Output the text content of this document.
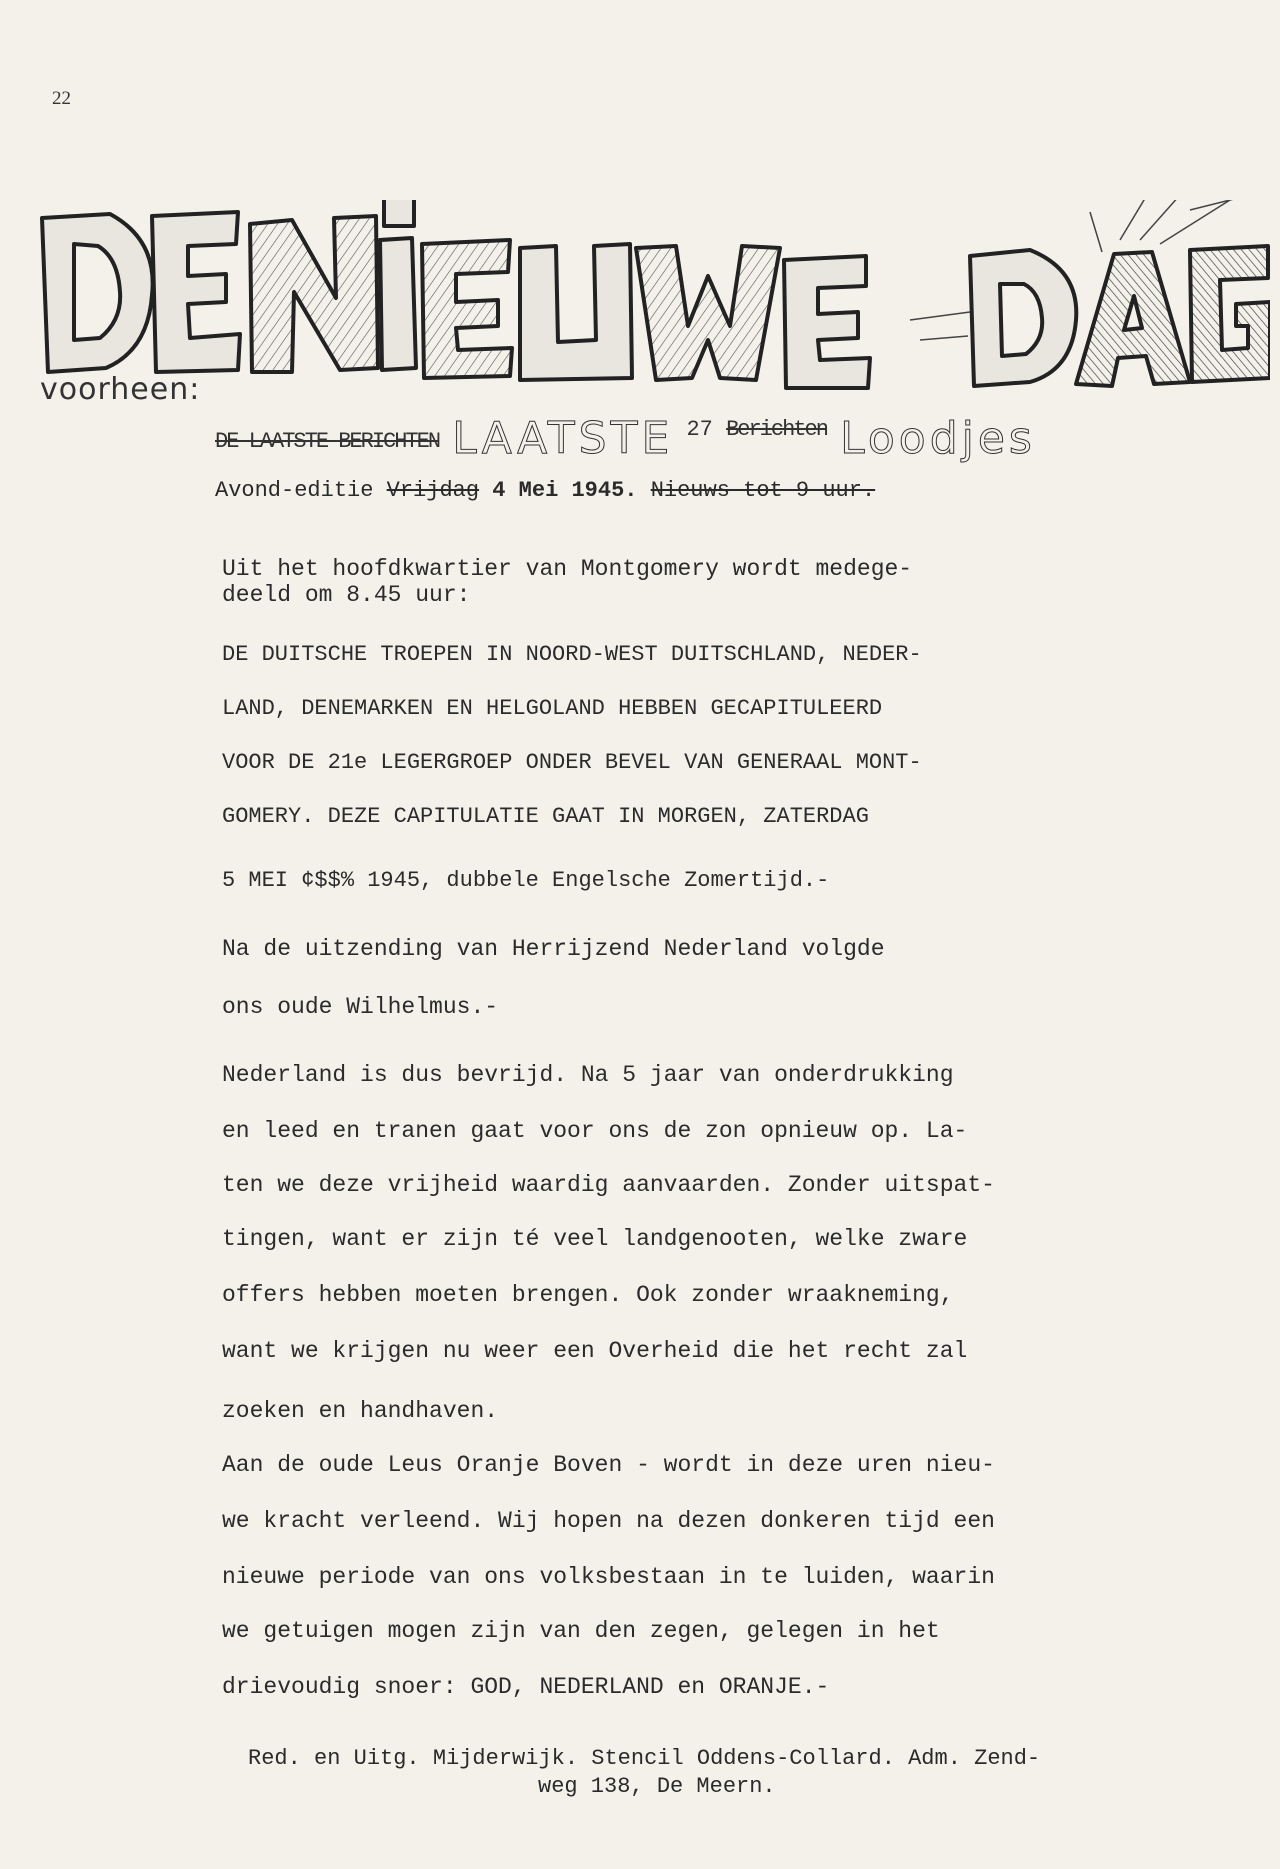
22
voorheen:
DE LAATSTE BERICHTEN LAATSTE 27 Berichten Loodjes
Avond-editie Vrijdag 4 Mei 1945. Nieuws tot 9 uur.
Uit het hoofdkwartier van Montgomery wordt medege-
deeld om 8.45 uur:
DE DUITSCHE TROEPEN IN NOORD-WEST DUITSCHLAND, NEDER-
LAND, DENEMARKEN EN HELGOLAND HEBBEN GECAPITULEERD
VOOR DE 21e LEGERGROEP ONDER BEVEL VAN GENERAAL MONT-
GOMERY. DEZE CAPITULATIE GAAT IN MORGEN, ZATERDAG
5 MEI ¢$$% 1945, dubbele Engelsche Zomertijd.-
Na de uitzending van Herrijzend Nederland volgde
ons oude Wilhelmus.-
Nederland is dus bevrijd. Na 5 jaar van onderdrukking
en leed en tranen gaat voor ons de zon opnieuw op. La-
ten we deze vrijheid waardig aanvaarden. Zonder uitspat-
tingen, want er zijn té veel landgenooten, welke zware
offers hebben moeten brengen. Ook zonder wraakneming,
want we krijgen nu weer een Overheid die het recht zal
zoeken en handhaven.
Aan de oude Leus Oranje Boven - wordt in deze uren nieu-
we kracht verleend. Wij hopen na dezen donkeren tijd een
nieuwe periode van ons volksbestaan in te luiden, waarin
we getuigen mogen zijn van den zegen, gelegen in het
drievoudig snoer: GOD, NEDERLAND en ORANJE.-
Red. en Uitg. Mijderwijk. Stencil Oddens-Collard. Adm. Zend-
weg 138, De Meern.
